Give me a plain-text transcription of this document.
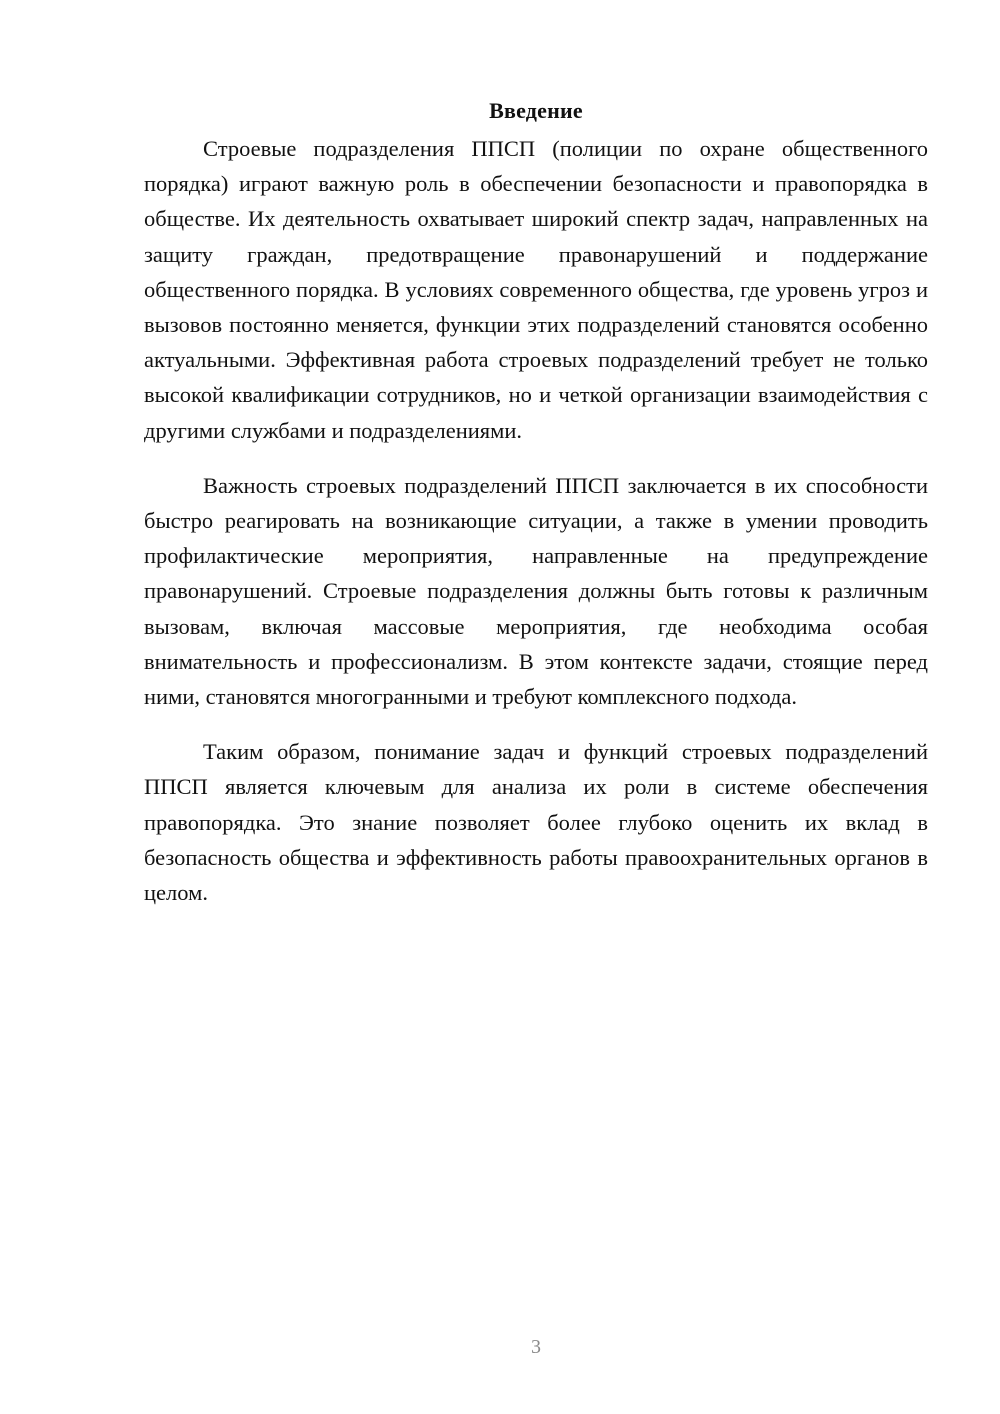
Введение

Строевые подразделения ППСП (полиции по охране общественного порядка) играют важную роль в обеспечении безопасности и правопорядка в обществе. Их деятельность охватывает широкий спектр задач, направленных на защиту граждан, предотвращение правонарушений и поддержание общественного порядка. В условиях современного общества, где уровень угроз и вызовов постоянно меняется, функции этих подразделений становятся особенно актуальными. Эффективная работа строевых подразделений требует не только высокой квалификации сотрудников, но и четкой организации взаимодействия с другими службами и подразделениями.

Важность строевых подразделений ППСП заключается в их способности быстро реагировать на возникающие ситуации, а также в умении проводить профилактические мероприятия, направленные на предупреждение правонарушений. Строевые подразделения должны быть готовы к различным вызовам, включая массовые мероприятия, где необходима особая внимательность и профессионализм. В этом контексте задачи, стоящие перед ними, становятся многогранными и требуют комплексного подхода.

Таким образом, понимание задач и функций строевых подразделений ППСП является ключевым для анализа их роли в системе обеспечения правопорядка. Это знание позволяет более глубоко оценить их вклад в безопасность общества и эффективность работы правоохранительных органов в целом.

3
